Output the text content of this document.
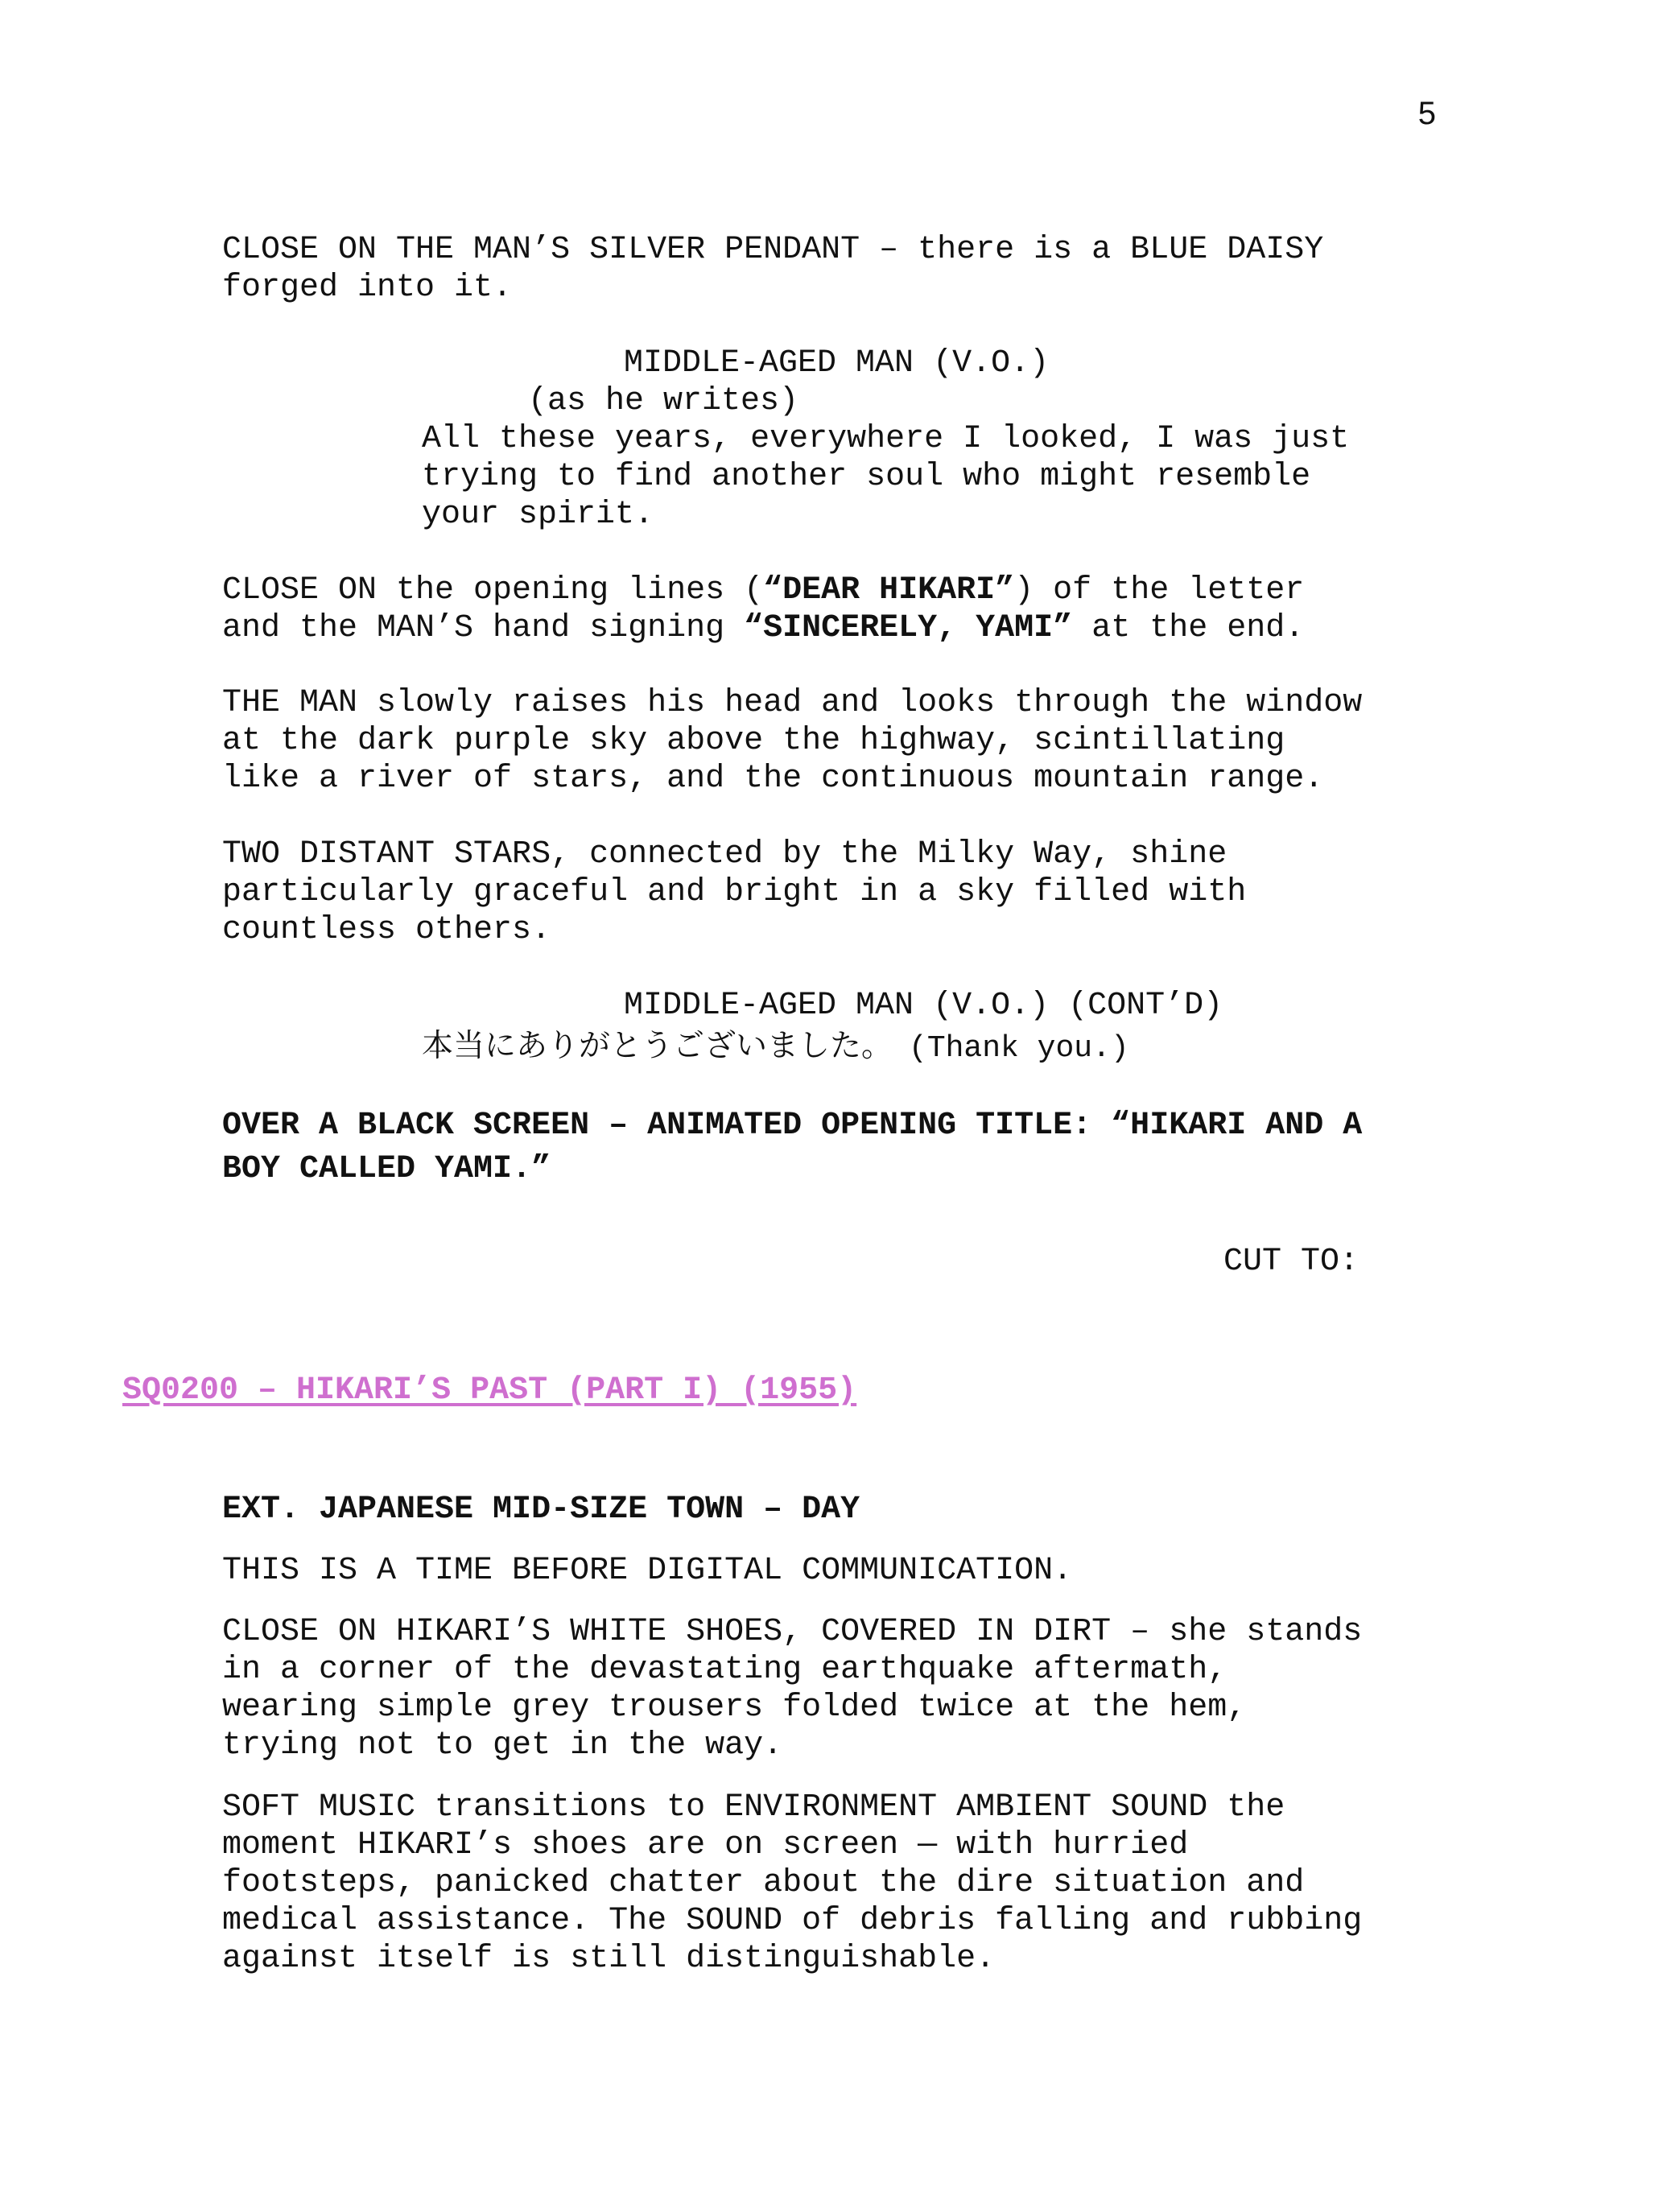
5
CLOSE ON THE MAN’S SILVER PENDANT – there is a BLUE DAISY
forged into it.
MIDDLE-AGED MAN (V.O.)
(as he writes)
All these years, everywhere I looked, I was just
trying to find another soul who might resemble
your spirit.
CLOSE ON the opening lines (“DEAR HIKARI”) of the letter
and the MAN’S hand signing “SINCERELY, YAMI” at the end.
THE MAN slowly raises his head and looks through the window
at the dark purple sky above the highway, scintillating
like a river of stars, and the continuous mountain range.
TWO DISTANT STARS, connected by the Milky Way, shine
particularly graceful and bright in a sky filled with
countless others.
MIDDLE-AGED MAN (V.O.) (CONT’D)
本当にありがとうございました。 (Thank you.)
OVER A BLACK SCREEN – ANIMATED OPENING TITLE: “HIKARI AND A
BOY CALLED YAMI.”
CUT TO:
SQ0200 – HIKARI’S PAST (PART I) (1955)
EXT. JAPANESE MID-SIZE TOWN – DAY
THIS IS A TIME BEFORE DIGITAL COMMUNICATION.
CLOSE ON HIKARI’S WHITE SHOES, COVERED IN DIRT – she stands
in a corner of the devastating earthquake aftermath,
wearing simple grey trousers folded twice at the hem,
trying not to get in the way.
SOFT MUSIC transitions to ENVIRONMENT AMBIENT SOUND the
moment HIKARI’s shoes are on screen — with hurried
footsteps, panicked chatter about the dire situation and
medical assistance. The SOUND of debris falling and rubbing
against itself is still distinguishable.
